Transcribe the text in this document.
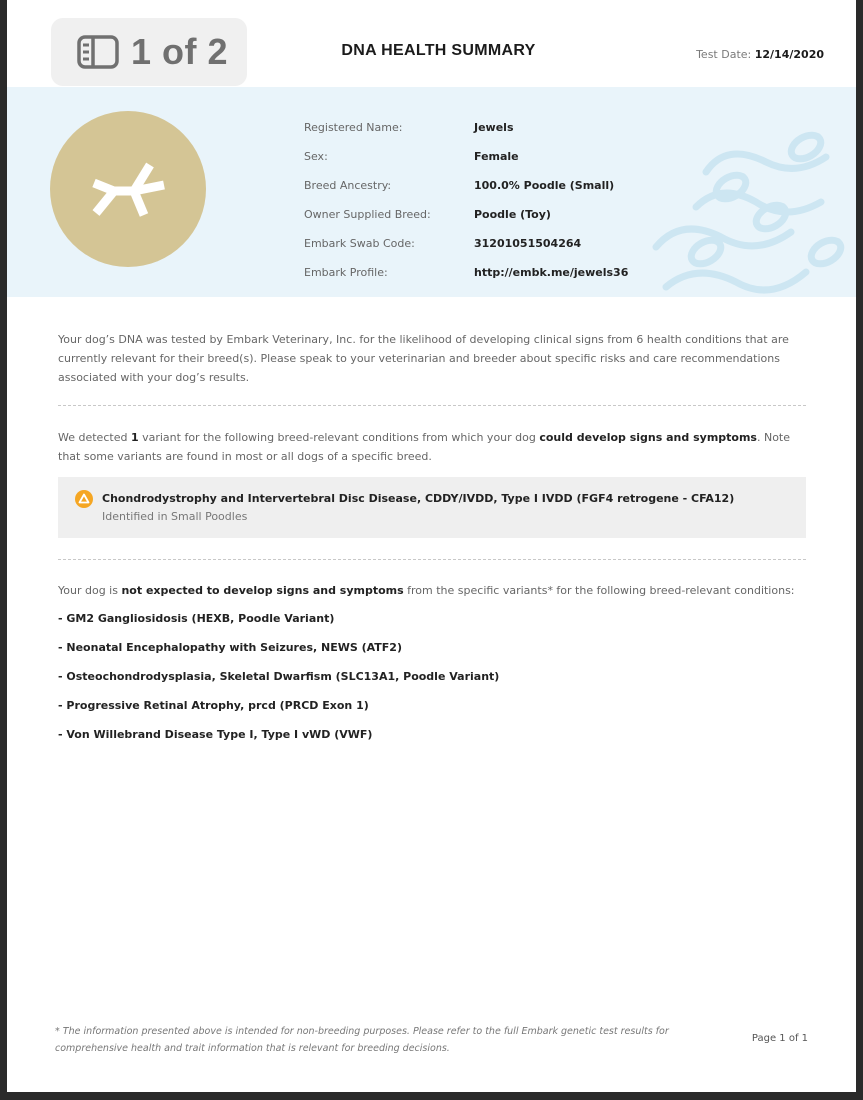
1 of 2	DNA HEALTH SUMMARY	Test Date: 12/14/2020
Registered Name:	Jewels
Sex:	Female
Breed Ancestry:	100.0% Poodle (Small)
Owner Supplied Breed:	Poodle (Toy)
Embark Swab Code:	31201051504264
Embark Profile:	http://embk.me/jewels36
Your dog’s DNA was tested by Embark Veterinary, Inc. for the likelihood of developing clinical signs from 6 health conditions that are currently relevant for their breed(s). Please speak to your veterinarian and breeder about specific risks and care recommendations associated with your dog’s results.
We detected 1 variant for the following breed-relevant conditions from which your dog could develop signs and symptoms. Note that some variants are found in most or all dogs of a specific breed.
Chondrodystrophy and Intervertebral Disc Disease, CDDY/IVDD, Type I IVDD (FGF4 retrogene - CFA12)
Identified in Small Poodles
Your dog is not expected to develop signs and symptoms from the specific variants* for the following breed-relevant conditions:
- GM2 Gangliosidosis (HEXB, Poodle Variant)
- Neonatal Encephalopathy with Seizures, NEWS (ATF2)
- Osteochondrodysplasia, Skeletal Dwarfism (SLC13A1, Poodle Variant)
- Progressive Retinal Atrophy, prcd (PRCD Exon 1)
- Von Willebrand Disease Type I, Type I vWD (VWF)
* The information presented above is intended for non-breeding purposes. Please refer to the full Embark genetic test results for
comprehensive health and trait information that is relevant for breeding decisions.
Page 1 of 1
